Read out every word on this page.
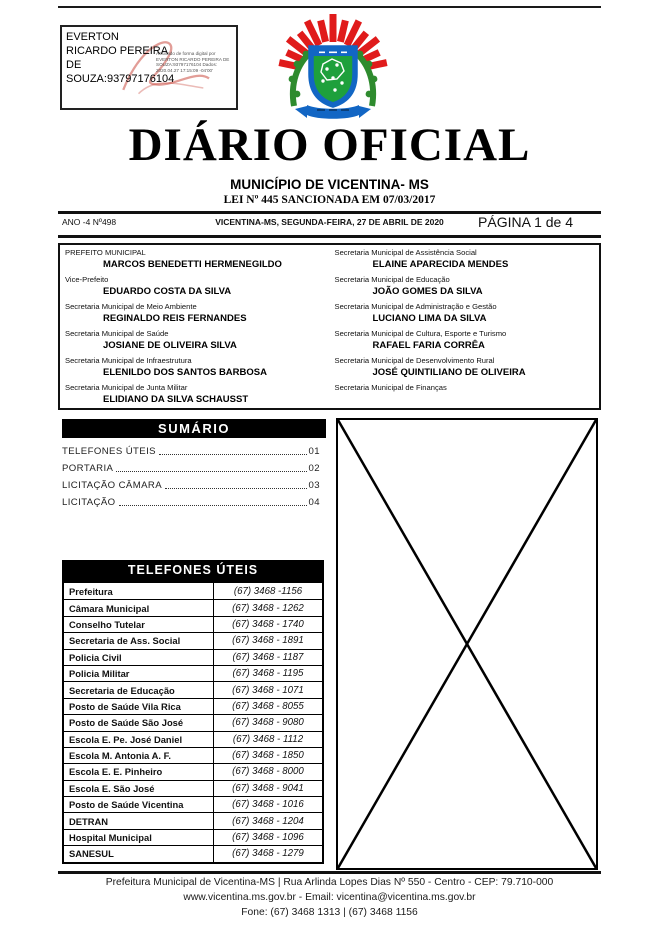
EVERTON RICARDO PEREIRA DE SOUZA:93797176104
Assinado de forma digital por EVERTON RICARDO PEREIRA DE SOUZA:93797176104 Dados: 2020.04.27 17:15:09 -04'00'
DIÁRIO OFICIAL
MUNICÍPIO DE VICENTINA- MS
LEI Nº 445 SANCIONADA EM 07/03/2017
ANO -4 Nº498	VICENTINA-MS, SEGUNDA-FEIRA, 27 DE ABRIL DE 2020	PÁGINA 1 de 4
PREFEITO MUNICIPAL
MARCOS BENEDETTI HERMENEGILDO
Vice-Prefeito
EDUARDO COSTA DA SILVA
Secretaria Municipal de Meio Ambiente
REGINALDO REIS FERNANDES
Secretaria Municipal de Saúde
JOSIANE DE OLIVEIRA SILVA
Secretaria Municipal de Infraestrutura
ELENILDO DOS SANTOS BARBOSA
Secretaria Municipal de Junta Militar
ELIDIANO DA SILVA SCHAUSST
Secretaria Municipal de Assistência Social
ELAINE APARECIDA MENDES
Secretaria Municipal de Educação
JOÃO GOMES DA SILVA
Secretaria Municipal de Administração e Gestão
LUCIANO LIMA DA SILVA
Secretaria Municipal de Cultura, Esporte e Turismo
RAFAEL FARIA CORRÊA
Secretaria Municipal de Desenvolvimento Rural
JOSÉ QUINTILIANO DE OLIVEIRA
Secretaria Municipal de Finanças
SUMÁRIO
TELEFONES ÚTEIS	01
PORTARIA	02
LICITAÇÃO CÂMARA	03
LICITAÇÃO	04
TELEFONES ÚTEIS
Prefeitura	(67) 3468 -1156
Câmara Municipal	(67) 3468 - 1262
Conselho Tutelar	(67) 3468 - 1740
Secretaria de Ass. Social	(67) 3468 - 1891
Policia Civil	(67) 3468 - 1187
Policia Militar	(67) 3468 - 1195
Secretaria de Educação	(67) 3468 - 1071
Posto de Saúde Vila Rica	(67) 3468 - 8055
Posto de Saúde São José	(67) 3468 - 9080
Escola E. Pe. José Daniel	(67) 3468 - 1112
Escola M. Antonia A. F.	(67) 3468 - 1850
Escola E. E. Pinheiro	(67) 3468 - 8000
Escola E. São José	(67) 3468 - 9041
Posto de Saúde Vicentina	(67) 3468 - 1016
DETRAN	(67) 3468 - 1204
Hospital Municipal	(67) 3468 - 1096
SANESUL	(67) 3468 - 1279
Prefeitura Municipal de Vicentina-MS | Rua Arlinda Lopes Dias Nº 550 - Centro - CEP: 79.710-000
www.vicentina.ms.gov.br - Email: vicentina@vicentina.ms.gov.br
Fone: (67) 3468 1313 | (67) 3468 1156
